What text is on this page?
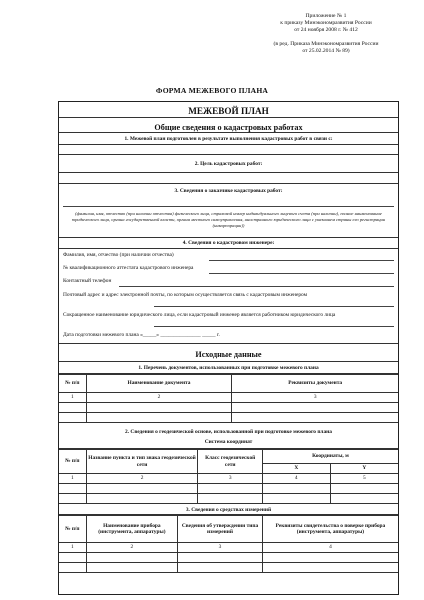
Приложение № 1
к приказу Минэкономразвития России
от 24 ноября 2008 г. № 412
(в ред. Приказа Минэкономразвития России
от 25.02.2014 № 89)
ФОРМА МЕЖЕВОГО ПЛАНА
МЕЖЕВОЙ ПЛАН
Общие сведения о кадастровых работах
1. Межевой план подготовлен в результате выполнения кадастровых работ в связи с:
2. Цель кадастровых работ:
3. Сведения о заказчике кадастровых работ:
(фамилия, имя, отчество (при наличии отчества) физического лица, страховой номер индивидуального лицевого счета (при наличии), полное наименование юридического лица, органа государственной власти, органа местного самоуправления, иностранного юридического лица с указанием страны его регистрации (инкорпорации))
4. Сведения о кадастровом инженере:
Фамилия, имя, отчество (при наличии отчества)
№ квалификационного аттестата кадастрового инженера
Контактный телефон
Почтовый адрес и адрес электронной почты, по которым осуществляется связь с кадастровым инженером
Сокращенное наименование юридического лица, если кадастровый инженер является работником юридического лица
Дата подготовки межевого плана «_____» _______________ _____ г.
Исходные данные
1. Перечень документов, использованных при подготовке межевого плана
№ п/п	Наименование документа	Реквизиты документа
1	2	3

2. Сведения о геодезической основе, использованной при подготовке межевого плана
Система координат
№ п/п	Название пункта и тип знака геодезической сети	Класс геодезической сети	Координаты, м	
			X	Y
1	2	3	4	5

3. Сведения о средствах измерений
№ п/п	Наименование прибора (инструмента, аппаратуры)	Сведения об утверждении типа измерений	Реквизиты свидетельства о поверке прибора (инструмента, аппаратуры)
1	2	3	4
